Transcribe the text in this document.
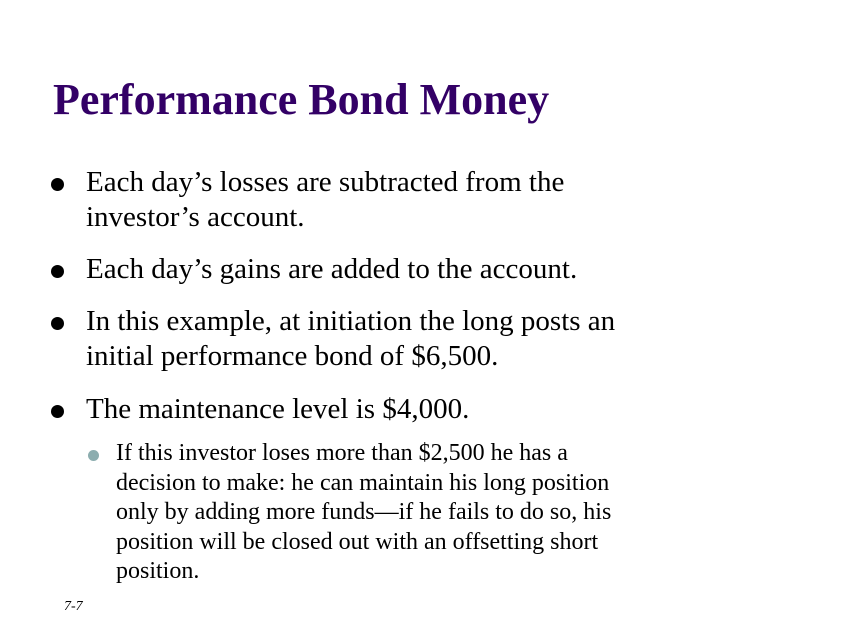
Performance Bond Money
Each day’s losses are subtracted from the
investor’s account.
Each day’s gains are added to the account.
In this example, at initiation the long posts an
initial performance bond of $6,500.
The maintenance level is $4,000.
If this investor loses more than $2,500 he has a
decision to make: he can maintain his long position
only by adding more funds—if he fails to do so, his
position will be closed out with an offsetting short
position.
7-7
